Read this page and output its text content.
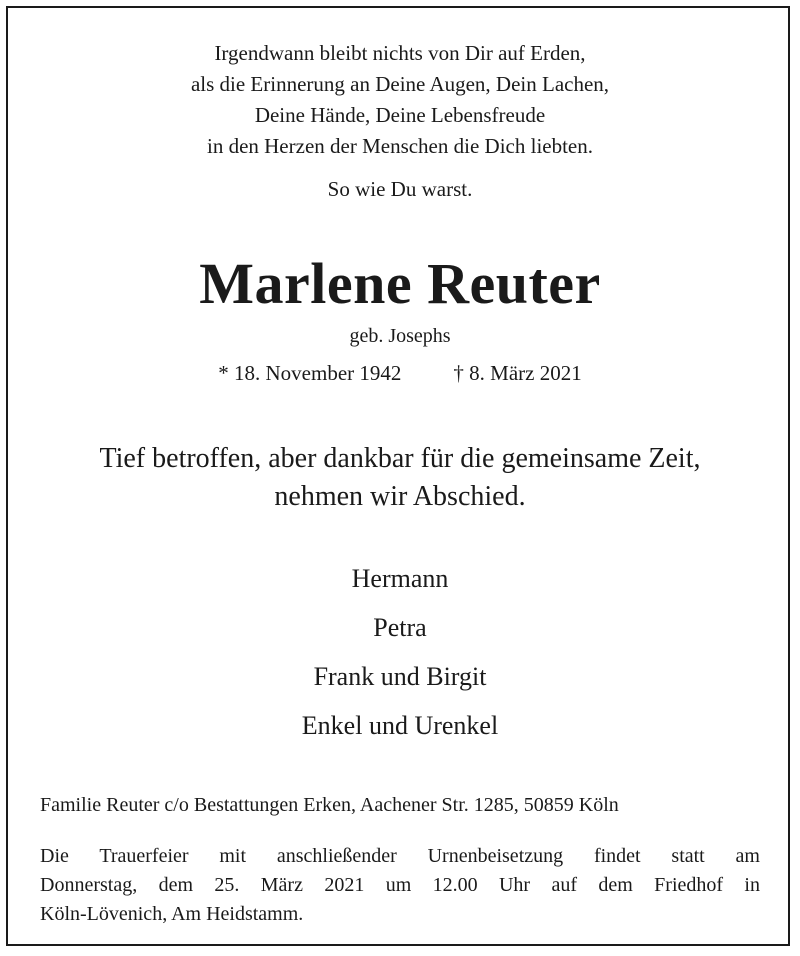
Irgendwann bleibt nichts von Dir auf Erden,
als die Erinnerung an Deine Augen, Dein Lachen,
Deine Hände, Deine Lebensfreude
in den Herzen der Menschen die Dich liebten.
So wie Du warst.
Marlene Reuter
geb. Josephs
* 18. November 1942 † 8. März 2021
Tief betroffen, aber dankbar für die gemeinsame Zeit,
nehmen wir Abschied.
Hermann
Petra
Frank und Birgit
Enkel und Urenkel
Familie Reuter c/o Bestattungen Erken, Aachener Str. 1285, 50859 Köln
Die Trauerfeier mit anschließender Urnenbeisetzung findet statt am
Donnerstag, dem 25. März 2021 um 12.00 Uhr auf dem Friedhof in
Köln-Lövenich, Am Heidstamm.
